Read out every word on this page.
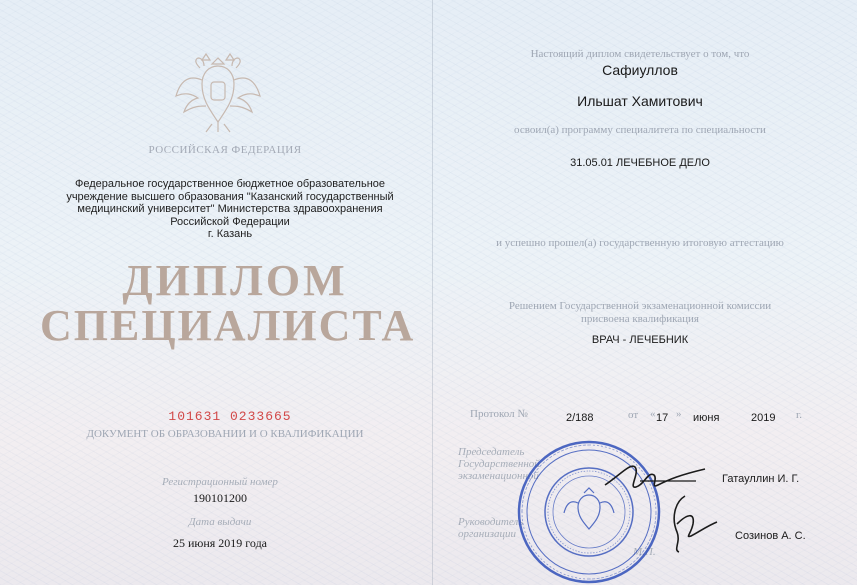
РОССИЙСКАЯ ФЕДЕРАЦИЯ
Федеральное государственное бюджетное образовательное
учреждение высшего образования "Казанский государственный
медицинский университет" Министерства здравоохранения
Российской Федерации
г. Казань
ДИПЛОМ
СПЕЦИАЛИСТА
101631 0233665
ДОКУМЕНТ ОБ ОБРАЗОВАНИИ И О КВАЛИФИКАЦИИ
Регистрационный номер
190101200
Дата выдачи
25 июня 2019 года
Настоящий диплом свидетельствует о том, что
Сафиуллов
Ильшат Хамитович
освоил(а) программу специалитета по специальности
31.05.01 ЛЕЧЕБНОЕ ДЕЛО
и успешно прошел(а) государственную итоговую аттестацию
Решением Государственной экзаменационной комиссии
присвоена квалификация
ВРАЧ - ЛЕЧЕБНИК
Протокол №	2/188	от « 17 » июня	2019 г.
Председатель
Государственной
экзаменационной	Гатауллин И. Г.
Руководитель
организации
М.П.
Созинов А. С.
